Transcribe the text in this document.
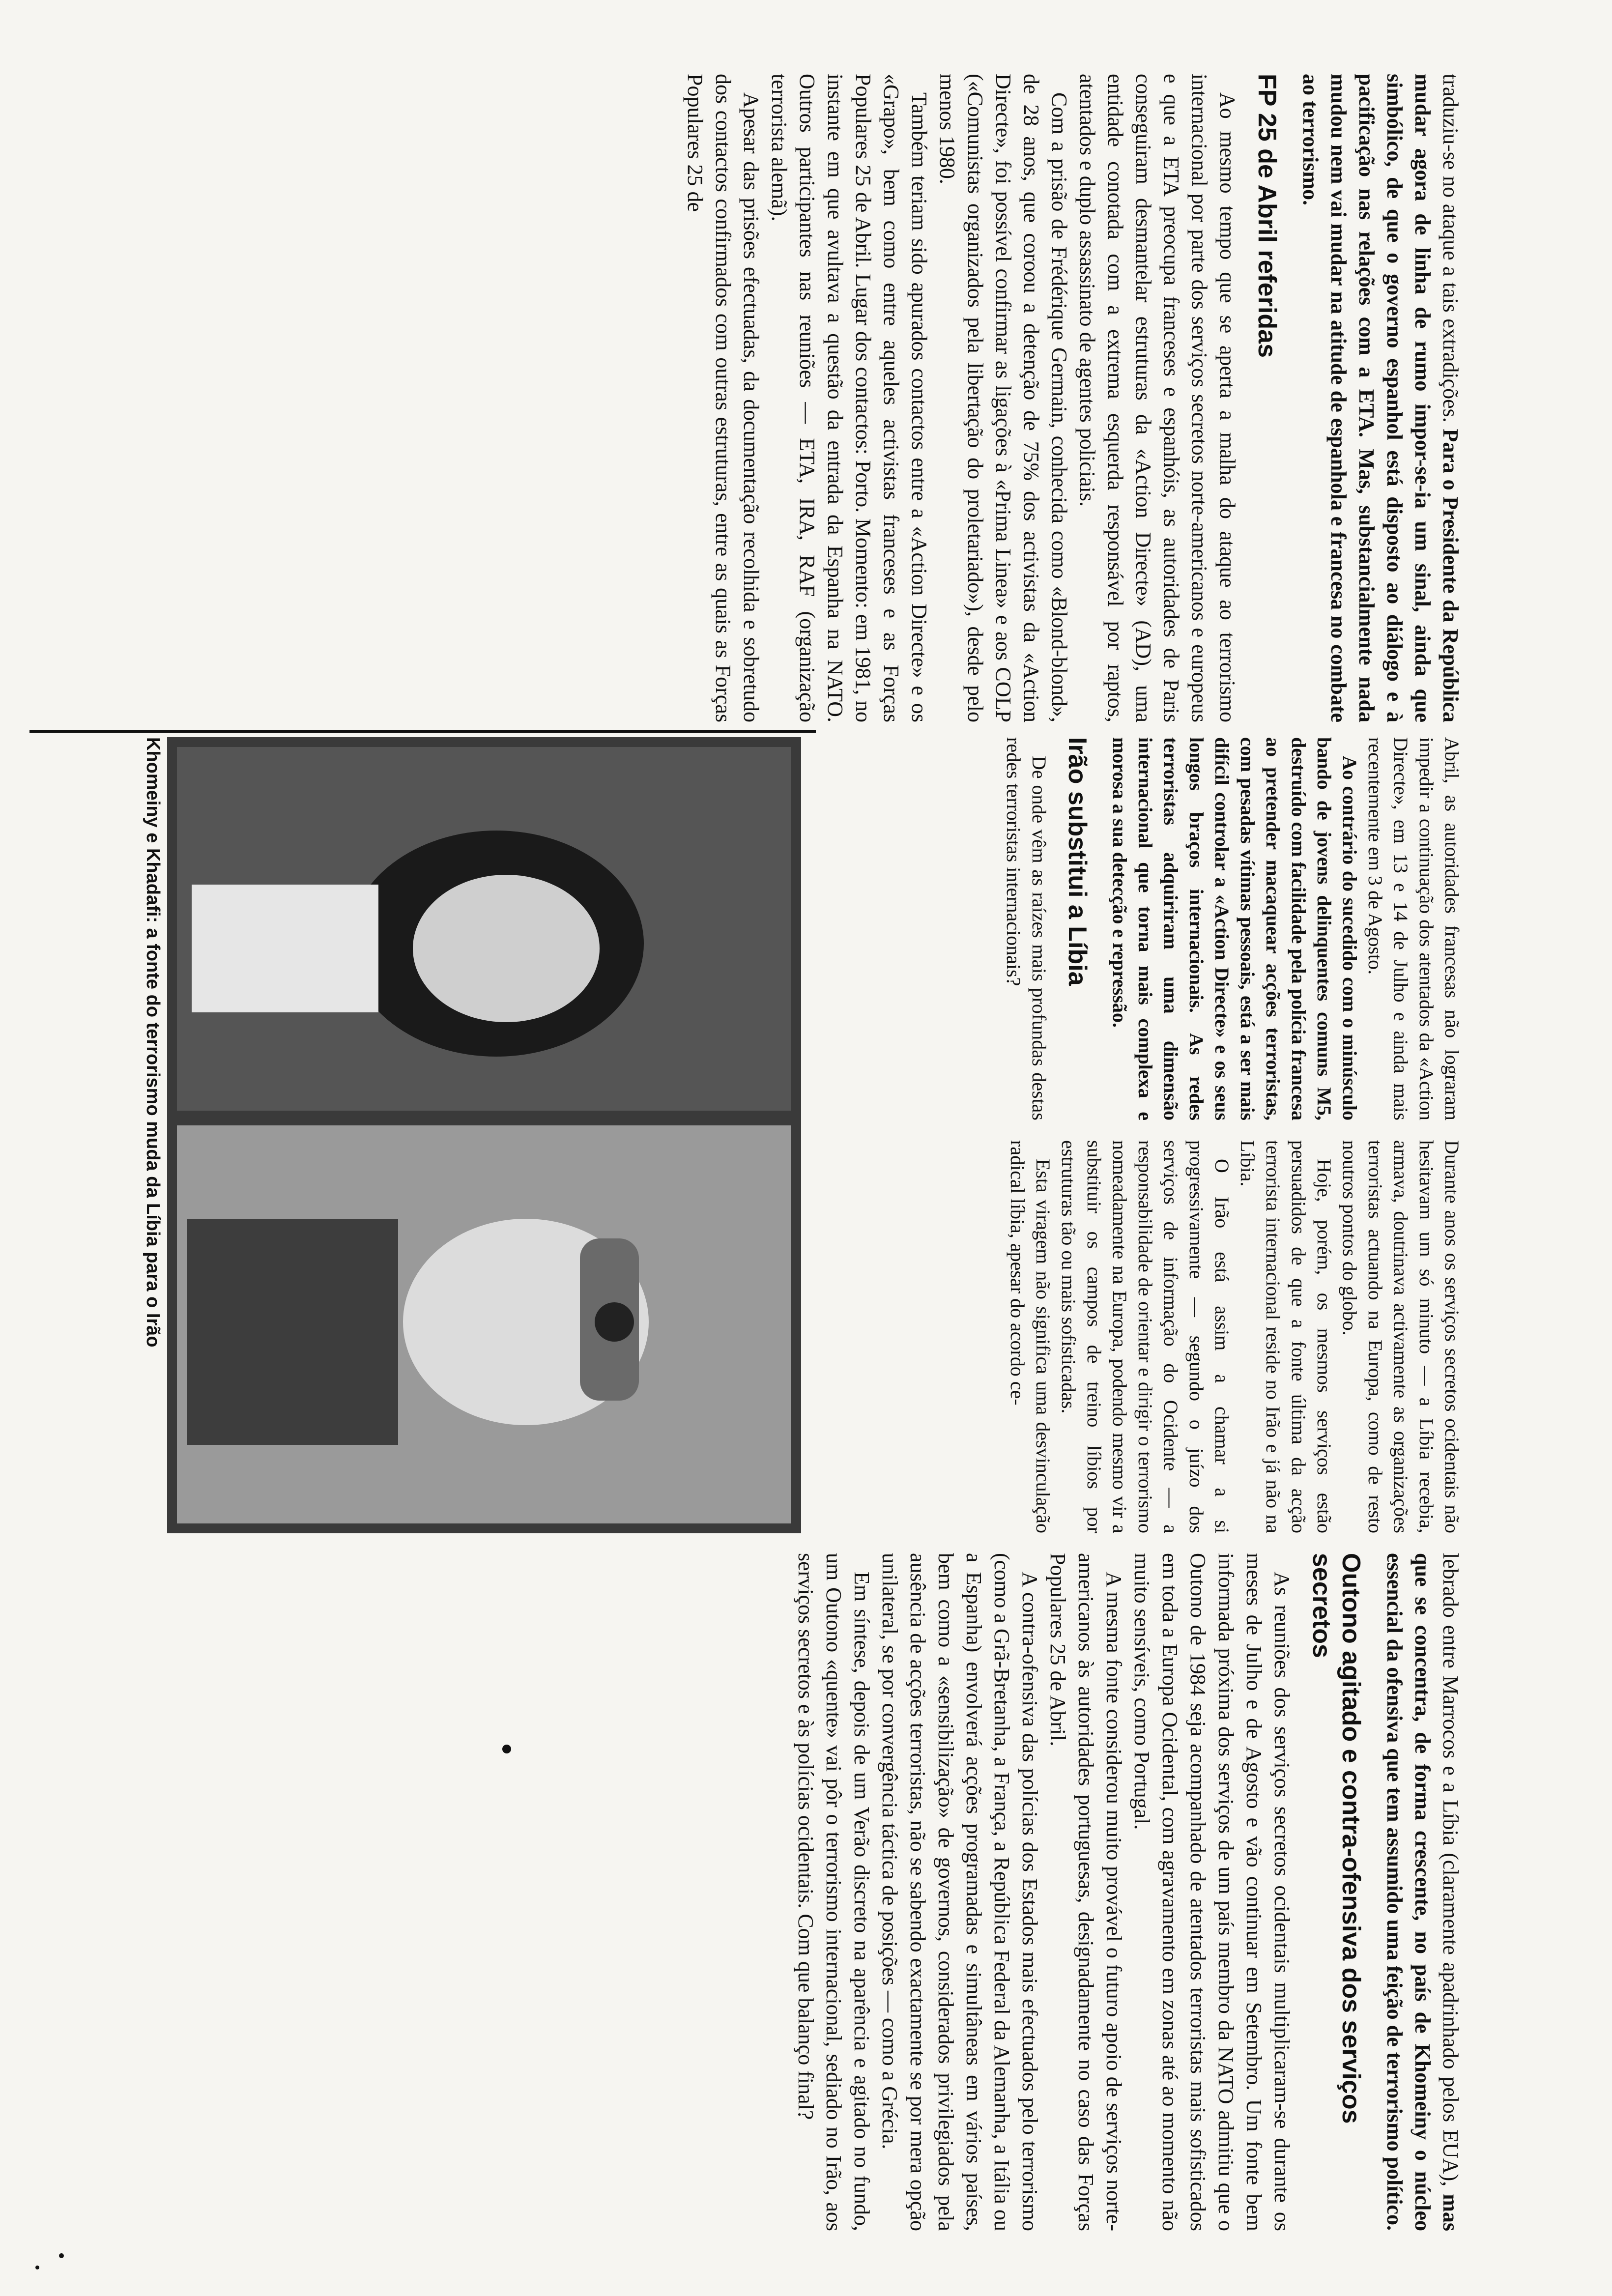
traduziu-se no ataque a tais extradições. Para o Presidente da República mudar agora de linha de rumo impor-se-ia um sinal, ainda que simbólico, de que o governo espanhol está disposto ao diálogo e à pacificação nas relações com a ETA. Mas, substancialmente nada mudou nem vai mudar na atitude de espanhola e francesa no combate ao terrorismo.

FP 25 de Abril referidas

Ao mesmo tempo que se aperta a malha do ataque ao terrorismo internacional por parte dos serviços secretos norte-americanos e europeus e que a ETA preocupa franceses e espanhóis, as autoridades de Paris conseguiram desmantelar estruturas da «Action Directe» (AD), uma entidade conotada com a extrema esquerda responsável por raptos, atentados e duplo assassinato de agentes policiais.

Com a prisão de Frédérique Germain, conhecida como «Blond-blond», de 28 anos, que coroou a detenção de 75% dos activistas da «Action Directe», foi possível confirmar as ligações à «Prima Linea» e aos COLP («Comunistas organizados pela libertação do proletariado»), desde pelo menos 1980.

Também teriam sido apurados contactos entre a «Action Directe» e os «Grapo», bem como entre aqueles activistas franceses e as Forças Populares 25 de Abril. Lugar dos contactos: Porto. Momento: em 1981, no instante em que avultava a questão da entrada da Espanha na NATO. Outros participantes nas reuniões — ETA, IRA, RAF (organização terrorista alemã).

Apesar das prisões efectuadas, da documentação recolhida e sobretudo dos contactos confirmados com outras estruturas, entre as quais as Forças Populares 25 de

Khomeiny e Khadafi: a fonte do terrorismo muda da Líbia para o Irão	Abril, as autoridades francesas não lograram impedir a continuação dos atentados da «Action Directe», em 13 e 14 de Julho e ainda mais recentemente em 3 de Agosto.

Ao contrário do sucedido com o minúsculo bando de jovens delinquentes comuns M5, destruído com facilidade pela polícia francesa ao pretender macaquear acções terroristas, com pesadas vítimas pessoais, está a ser mais difícil controlar a «Action Directe» e os seus longos braços internacionais. As redes terroristas adquiriram uma dimensão internacional que torna mais complexa e morosa a sua detecção e repressão.

Irão substitui a Líbia

De onde vêm as raízes mais profundas destas redes terroristas internacionais?

Durante anos os serviços secretos ocidentais não hesitavam um só minuto — a Líbia recebia, armava, doutrinava activamente as organizações terroristas actuando na Europa, como de resto noutros pontos do globo.

Hoje, porém, os mesmos serviços estão persuadidos de que a fonte última da acção terrorista internacional reside no Irão e já não na Líbia.

O Irão está assim a chamar a si progressivamente — segundo o juízo dos serviços de informação do Ocidente — a responsabilidade de orientar e dirigir o terrorismo nomeadamente na Europa, podendo mesmo vir a substituir os campos de treino líbios por estruturas tão ou mais sofisticadas.

Esta viragem não significa uma desvinculação radical líbia, apesar do acordo ce-

lebrado entre Marrocos e a Líbia (claramente apadrinhado pelos EUA), mas que se concentra, de forma crescente, no país de Khomeiny o núcleo essencial da ofensiva que tem assumido uma feição de terrorismo político.

Outono agitado e contra-ofensiva dos serviços secretos

As reuniões dos serviços secretos ocidentais multiplicaram-se durante os meses de Julho e de Agosto e vão continuar em Setembro. Um fonte bem informada próxima dos serviços de um país membro da NATO admitiu que o Outono de 1984 seja acompanhado de atentados terroristas mais sofisticados em toda a Europa Ocidental, com agravamento em zonas até ao momento não muito sensíveis, como Portugal.

A mesma fonte considerou muito provável o futuro apoio de serviços norte-americanos às autoridades portuguesas, designadamente no caso das Forças Populares 25 de Abril.

A contra-ofensiva das polícias dos Estados mais efectuados pelo terrorismo (como a Grã-Bretanha, a França, a República Federal da Alemanha, a Itália ou a Espanha) envolverá acções programadas e simultâneas em vários países, bem como a «sensibilização» de governos, considerados privilegiados pela ausência de acções terroristas, não se sabendo exactamente se por mera opção unilateral, se por convergência táctica de posições — como a Grécia.

Em síntese, depois de um Verão discreto na aparência e agitado no fundo, um Outono «quente» vai pôr o terrorismo internacional, sediado no Irão, aos serviços secretos e às polícias ocidentais. Com que balanço final?
